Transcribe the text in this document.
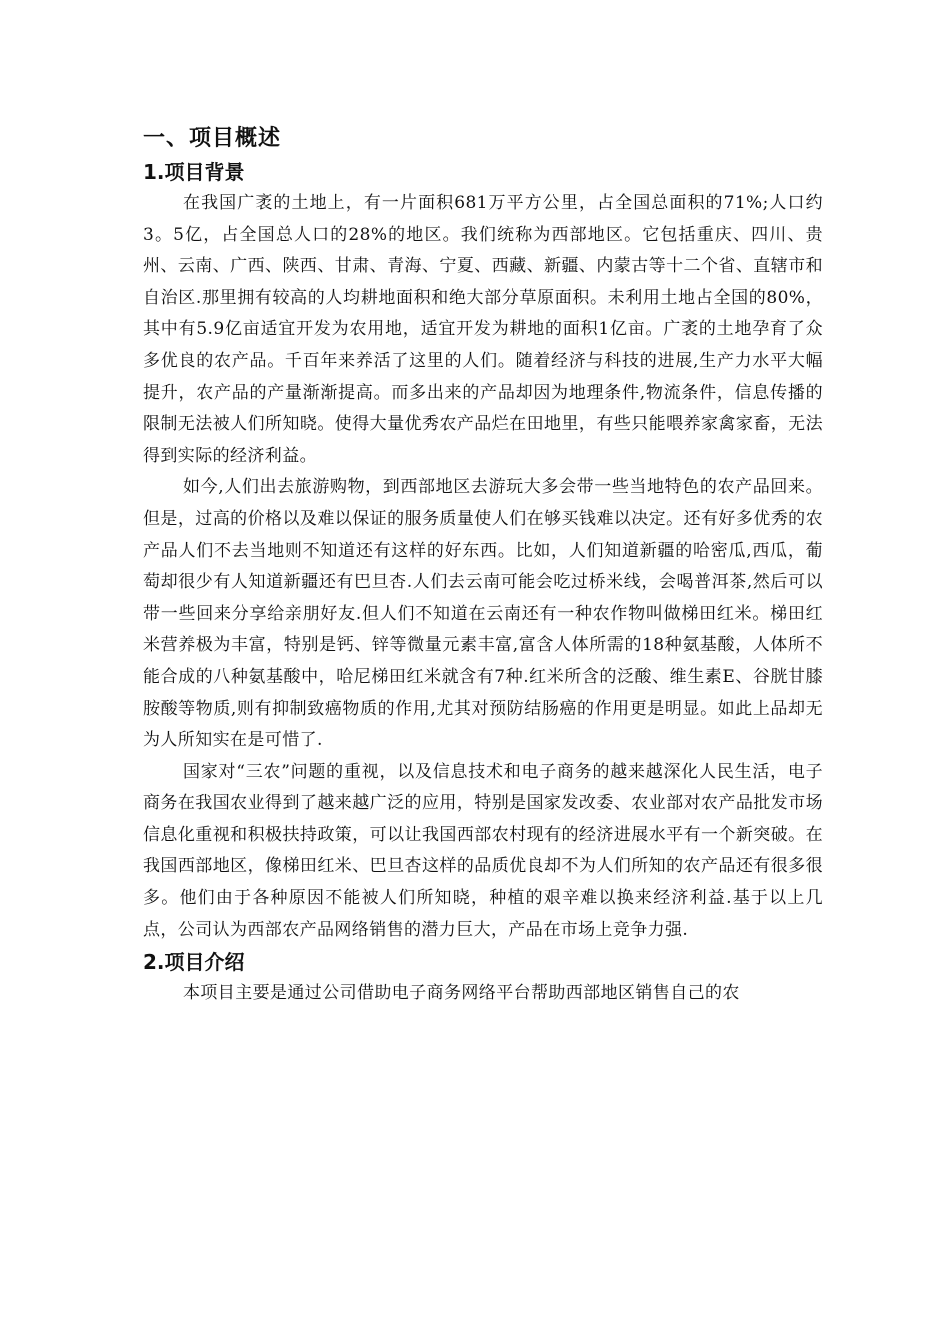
一、项目概述
1.项目背景

在我国广袤的土地上，有一片面积681万平方公里，占全国总面积的71%;人口约3。5亿，占全国总人口的28%的地区。我们统称为西部地区。它包括重庆、四川、贵州、云南、广西、陕西、甘肃、青海、宁夏、西藏、新疆、内蒙古等十二个省、直辖市和自治区.那里拥有较高的人均耕地面积和绝大部分草原面积。未利用土地占全国的80%，其中有5.9亿亩适宜开发为农用地，适宜开发为耕地的面积1亿亩。广袤的土地孕育了众多优良的农产品。千百年来养活了这里的人们。随着经济与科技的进展,生产力水平大幅提升，农产品的产量渐渐提高。而多出来的产品却因为地理条件,物流条件，信息传播的限制无法被人们所知晓。使得大量优秀农产品烂在田地里，有些只能喂养家禽家畜，无法得到实际的经济利益。

如今,人们出去旅游购物，到西部地区去游玩大多会带一些当地特色的农产品回来。但是，过高的价格以及难以保证的服务质量使人们在够买钱难以决定。还有好多优秀的农产品人们不去当地则不知道还有这样的好东西。比如，人们知道新疆的哈密瓜,西瓜，葡萄却很少有人知道新疆还有巴旦杏.人们去云南可能会吃过桥米线，会喝普洱茶,然后可以带一些回来分享给亲朋好友.但人们不知道在云南还有一种农作物叫做梯田红米。梯田红米营养极为丰富，特别是钙、锌等微量元素丰富,富含人体所需的18种氨基酸，人体所不能合成的八种氨基酸中，哈尼梯田红米就含有7种.红米所含的泛酸、维生素E、谷胱甘膝胺酸等物质,则有抑制致癌物质的作用,尤其对预防结肠癌的作用更是明显。如此上品却无为人所知实在是可惜了.

国家对“三农”问题的重视，以及信息技术和电子商务的越来越深化人民生活，电子商务在我国农业得到了越来越广泛的应用，特别是国家发改委、农业部对农产品批发市场信息化重视和积极扶持政策，可以让我国西部农村现有的经济进展水平有一个新突破。在我国西部地区，像梯田红米、巴旦杏这样的品质优良却不为人们所知的农产品还有很多很多。他们由于各种原因不能被人们所知晓，种植的艰辛难以换来经济利益.基于以上几点，公司认为西部农产品网络销售的潜力巨大，产品在市场上竞争力强.

2.项目介绍

本项目主要是通过公司借助电子商务网络平台帮助西部地区销售自己的农
